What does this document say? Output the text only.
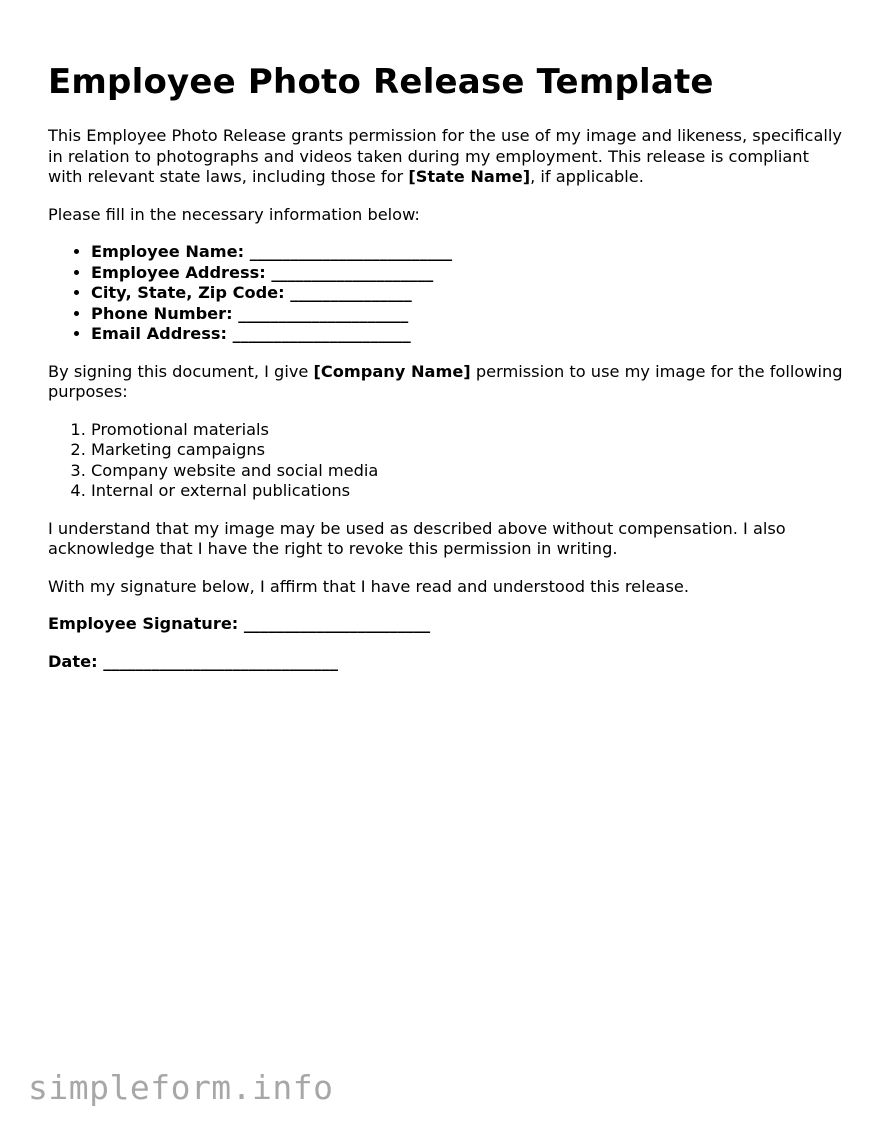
Employee Photo Release Template

This Employee Photo Release grants permission for the use of my image and likeness, specifically in relation to photographs and videos taken during my employment. This release is compliant with relevant state laws, including those for [State Name], if applicable.

Please fill in the necessary information below:

• Employee Name: _________________________
• Employee Address: ____________________
• City, State, Zip Code: _______________
• Phone Number: _____________________
• Email Address: ______________________

By signing this document, I give [Company Name] permission to use my image for the following purposes:

1. Promotional materials
2. Marketing campaigns
3. Company website and social media
4. Internal or external publications

I understand that my image may be used as described above without compensation. I also acknowledge that I have the right to revoke this permission in writing.

With my signature below, I affirm that I have read and understood this release.

Employee Signature: _______________________

Date: _____________________________

simpleform.info
